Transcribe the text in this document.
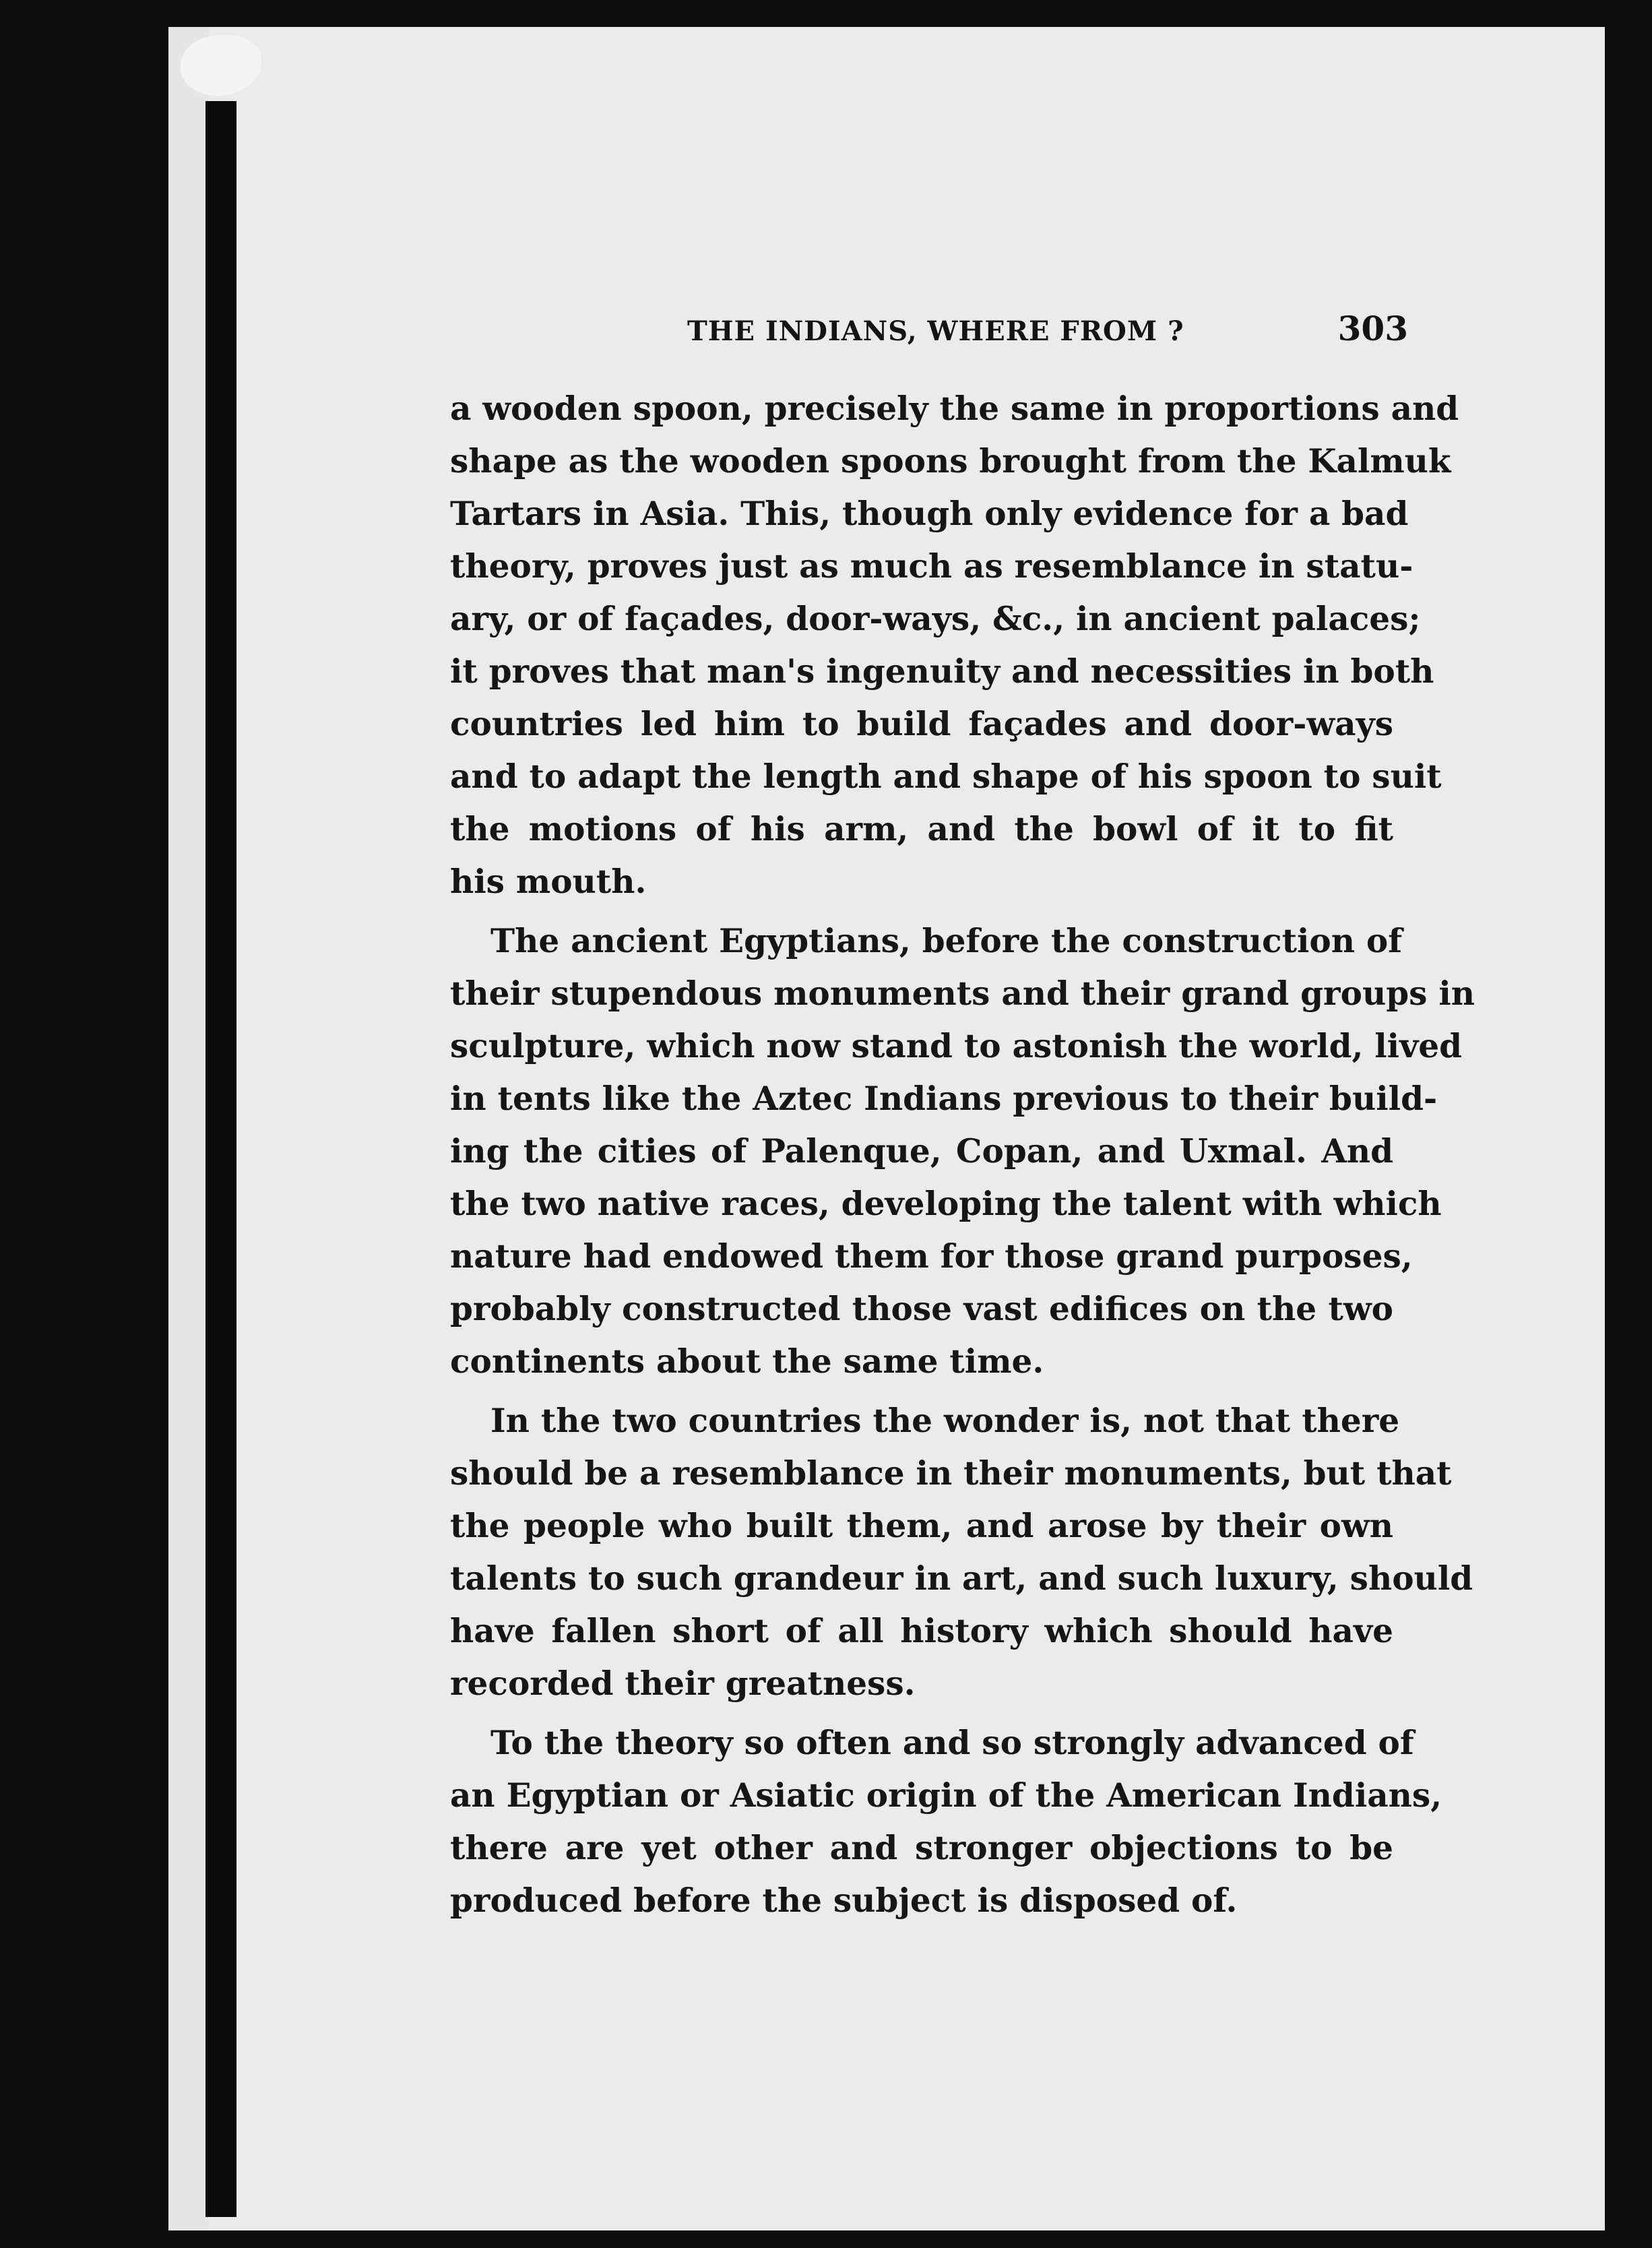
THE INDIANS, WHERE FROM ?	303
a wooden spoon, precisely the same in proportions and
shape as the wooden spoons brought from the Kalmuk
Tartars in Asia. This, though only evidence for a bad
theory, proves just as much as resemblance in statu-
ary, or of façades, door-ways, &c., in ancient palaces;
it proves that man's ingenuity and necessities in both
countries led him to build façades and door-ways
and to adapt the length and shape of his spoon to suit
the motions of his arm, and the bowl of it to fit
his mouth.
The ancient Egyptians, before the construction of
their stupendous monuments and their grand groups in
sculpture, which now stand to astonish the world, lived
in tents like the Aztec Indians previous to their build-
ing the cities of Palenque, Copan, and Uxmal. And
the two native races, developing the talent with which
nature had endowed them for those grand purposes,
probably constructed those vast edifices on the two
continents about the same time.
In the two countries the wonder is, not that there
should be a resemblance in their monuments, but that
the people who built them, and arose by their own
talents to such grandeur in art, and such luxury, should
have fallen short of all history which should have
recorded their greatness.
To the theory so often and so strongly advanced of
an Egyptian or Asiatic origin of the American Indians,
there are yet other and stronger objections to be
produced before the subject is disposed of.
